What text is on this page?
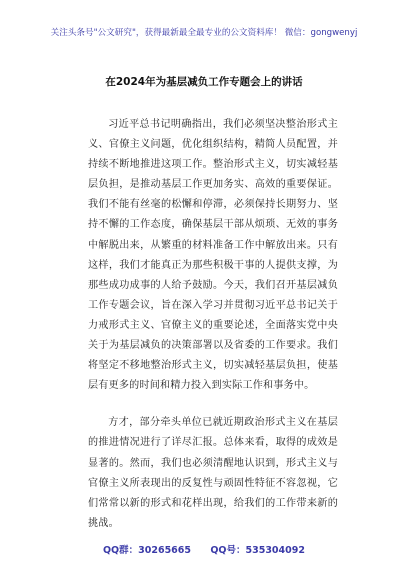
关注头条号"公文研究"，获得最新最全最专业的公文资料库！ 微信：gongwenyj
在2024年为基层减负工作专题会上的讲话

习近平总书记明确指出，我们必须坚决整治形式主义、官僚主义问题，优化组织结构，精简人员配置，并持续不断地推进这项工作。整治形式主义，切实减轻基层负担，是推动基层工作更加务实、高效的重要保证。我们不能有丝毫的松懈和停滞，必须保持长期努力、坚持不懈的工作态度，确保基层干部从烦琐、无效的事务中解脱出来，从繁重的材料准备工作中解放出来。只有这样，我们才能真正为那些积极干事的人提供支撑，为那些成功成事的人给予鼓励。今天，我们召开基层减负工作专题会议，旨在深入学习并贯彻习近平总书记关于力戒形式主义、官僚主义的重要论述，全面落实党中央关于为基层减负的决策部署以及省委的工作要求。我们将坚定不移地整治形式主义，切实减轻基层负担，使基层有更多的时间和精力投入到实际工作和事务中。

方才，部分牵头单位已就近期政治形式主义在基层的推进情况进行了详尽汇报。总体来看，取得的成效是显著的。然而，我们也必须清醒地认识到，形式主义与官僚主义所表现出的反复性与顽固性特征不容忽视，它们常常以新的形式和花样出现，给我们的工作带来新的挑战。

QQ群：30265665 QQ号：535304092
